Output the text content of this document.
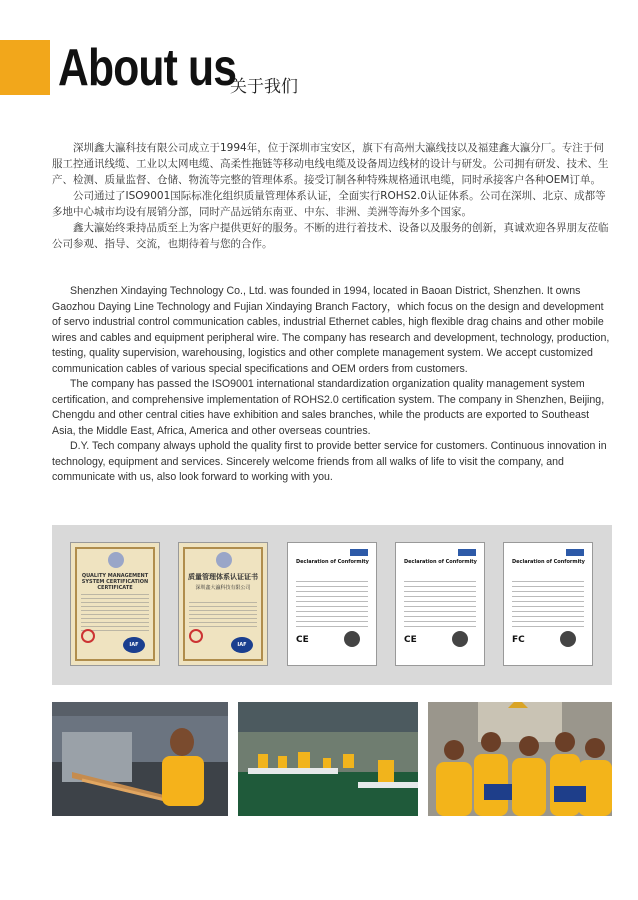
About us
关于我们

深圳鑫大瀛科技有限公司成立于1994年，位于深圳市宝安区，旗下有高州大瀛线技以及福建鑫大瀛分厂。专注于伺服工控通讯线缆、工业以太网电缆、高柔性拖链等移动电线电缆及设备周边线材的设计与研发。公司拥有研发、技术、生产、检测、质量监督、仓储、物流等完整的管理体系。接受订制各种特殊规格通讯电缆，同时承接客户各种OEM订单。

公司通过了ISO9001国际标准化组织质量管理体系认证，全面实行ROHS2.0认证体系。公司在深圳、北京、成都等多地中心城市均设有展销分部，同时产品远销东南亚、中东、非洲、美洲等海外多个国家。

鑫大瀛始终秉持品质至上为客户提供更好的服务。不断的进行着技术、设备以及服务的创新，真诚欢迎各界朋友莅临公司参观、指导、交流，也期待着与您的合作。

Shenzhen Xindaying Technology Co., Ltd. was founded in 1994, located in Baoan District, Shenzhen. It owns Gaozhou Daying Line Technology and Fujian Xindaying Branch Factory，which focus on the design and development of servo industrial control communication cables, industrial Ethernet cables, high flexible drag chains and other mobile wires and cables and equipment peripheral wire. The company has research and development, technology, production, testing, quality supervision, warehousing, logistics and other complete management system. We accept customized communication cables of various special specifications and OEM orders from customers.

The company has passed the ISO9001 international standardization organization quality management system certification, and comprehensive implementation of ROHS2.0 certification system. The company in Shenzhen, Beijing, Chengdu and other central cities have exhibition and sales branches, while the products are exported to Southeast Asia, the Middle East, Africa, America and other overseas countries.

D.Y. Tech company always uphold the quality first to provide better service for customers. Continuous innovation in technology, equipment and services. Sincerely welcome friends from all walks of life to visit the company, and communicate with us, also look forward to working with you.

QUALITY MANAGEMENT SYSTEM CERTIFICATION CERTIFICATE
IAF
质量管理体系认证证书
深圳鑫大瀛科技有限公司
IAF
Declaration of Conformity
CE
Declaration of Conformity
CE
Declaration of Conformity
FC
